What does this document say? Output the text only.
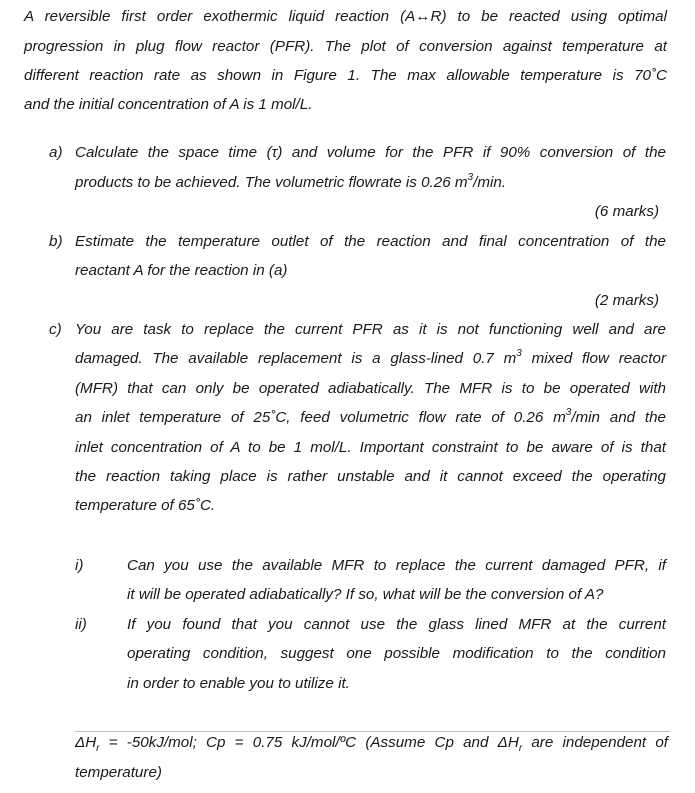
A reversible first order exothermic liquid reaction (A↔R) to be reacted using optimal
progression in plug flow reactor (PFR). The plot of conversion against temperature at
different reaction rate as shown in Figure 1. The max allowable temperature is 70˚C
and the initial concentration of A is 1 mol/L.
a) Calculate the space time (τ) and volume for the PFR if 90% conversion of the
products to be achieved. The volumetric flowrate is 0.26 $m^3/\min$.
(6 marks)
b) Estimate the temperature outlet of the reaction and final concentration of the
reactant A for the reaction in (a)
(2 marks)
c) You are task to replace the current PFR as it is not functioning well and are
damaged. The available replacement is a glass-lined 0.7 $m^3$ mixed flow reactor
(MFR) that can only be operated adiabatically. The MFR is to be operated with
an inlet temperature of 25˚C, feed volumetric flow rate of 0.26 $m^3/\min$ and the
inlet concentration of A to be 1 mol/L. Important constraint to be aware of is that
the reaction taking place is rather unstable and it cannot exceed the operating
temperature of 65˚C.
i)	Can you use the available MFR to replace the current damaged PFR, if
it will be operated adiabatically? If so, what will be the conversion of A?
ii)	If you found that you cannot use the glass lined MFR at the current
operating condition, suggest one possible modification to the condition
in order to enable you to utilize it.
$\Delta H_r = -50kJ/mol$; Cp = 0.75 kJ/mol/ºC (Assume Cp and $\Delta H_r$ are independent of
temperature)
